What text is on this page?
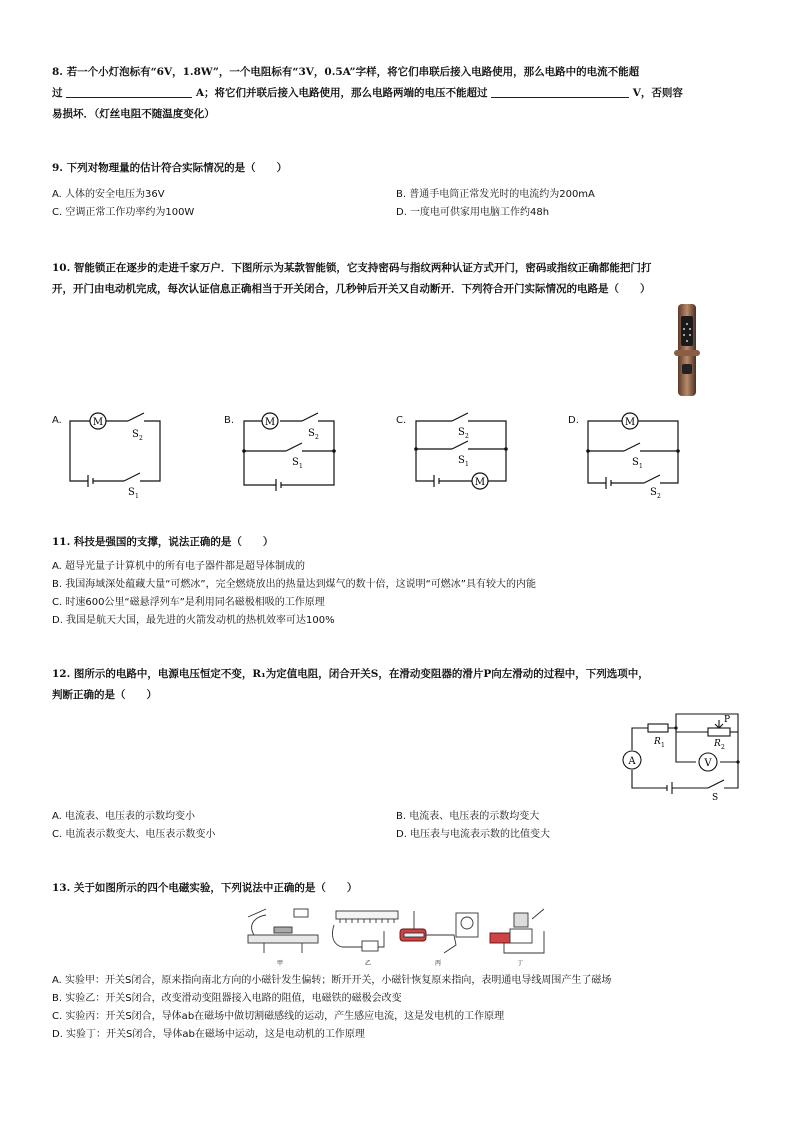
8. 若一个小灯泡标有“6V，1.8W”，一个电阻标有“3V，0.5A”字样，将它们串联后接入电路使用，那么电路中的电流不能超
过	A；将它们并联后接入电路使用，那么电路两端的电压不能超过	V，否则容
易损坏．（灯丝电阻不随温度变化）
9. 下列对物理量的估计符合实际情况的是（　　）
A. 人体的安全电压为36V	B. 普通手电筒正常发光时的电流约为200mA
C. 空调正常工作功率约为100W	D. 一度电可供家用电脑工作约48h
10. 智能锁正在逐步的走进千家万户．下图所示为某款智能锁，它支持密码与指纹两种认证方式开门，密码或指纹正确都能把门打
开，开门由电动机完成，每次认证信息正确相当于开关闭合，几秒钟后开关又自动断开．下列符合开门实际情况的电路是（　　）
A.	M
S 2
S 1
B.	M
S 2
S 1
C.
M
S 2
S 1
D.	M
S 1
S 2
11. 科技是强国的支撑，说法正确的是（　　）
A. 超导光量子计算机中的所有电子器件都是超导体制成的
B. 我国海域深处蕴藏大量“可燃冰”，完全燃烧放出的热量达到煤气的数十倍，这说明“可燃冰”具有较大的内能
C. 时速600公里“磁悬浮列车”是利用同名磁极相吸的工作原理
D. 我国是航天大国，最先进的火箭发动机的热机效率可达100%
12. 图所示的电路中，电源电压恒定不变，R₁为定值电阻，闭合开关S，在滑动变阻器的滑片P向左滑动的过程中，下列选项中，
判断正确的是（　　）
A	V
P
R 1	R 2
S
A. 电流表、电压表的示数均变小	B. 电流表、电压表的示数均变大
C. 电流表示数变大、电压表示数变小	D. 电压表与电流表示数的比值变大
13. 关于如图所示的四个电磁实验，下列说法中正确的是（　　）
甲	乙	丙	丁
A. 实验甲：开关S闭合，原来指向南北方向的小磁针发生偏转；断开开关，小磁针恢复原来指向，表明通电导线周围产生了磁场
B. 实验乙：开关S闭合，改变滑动变阻器接入电路的阻值，电磁铁的磁极会改变
C. 实验丙：开关S闭合，导体ab在磁场中做切割磁感线的运动，产生感应电流，这是发电机的工作原理
D. 实验丁：开关S闭合，导体ab在磁场中运动，这是电动机的工作原理
